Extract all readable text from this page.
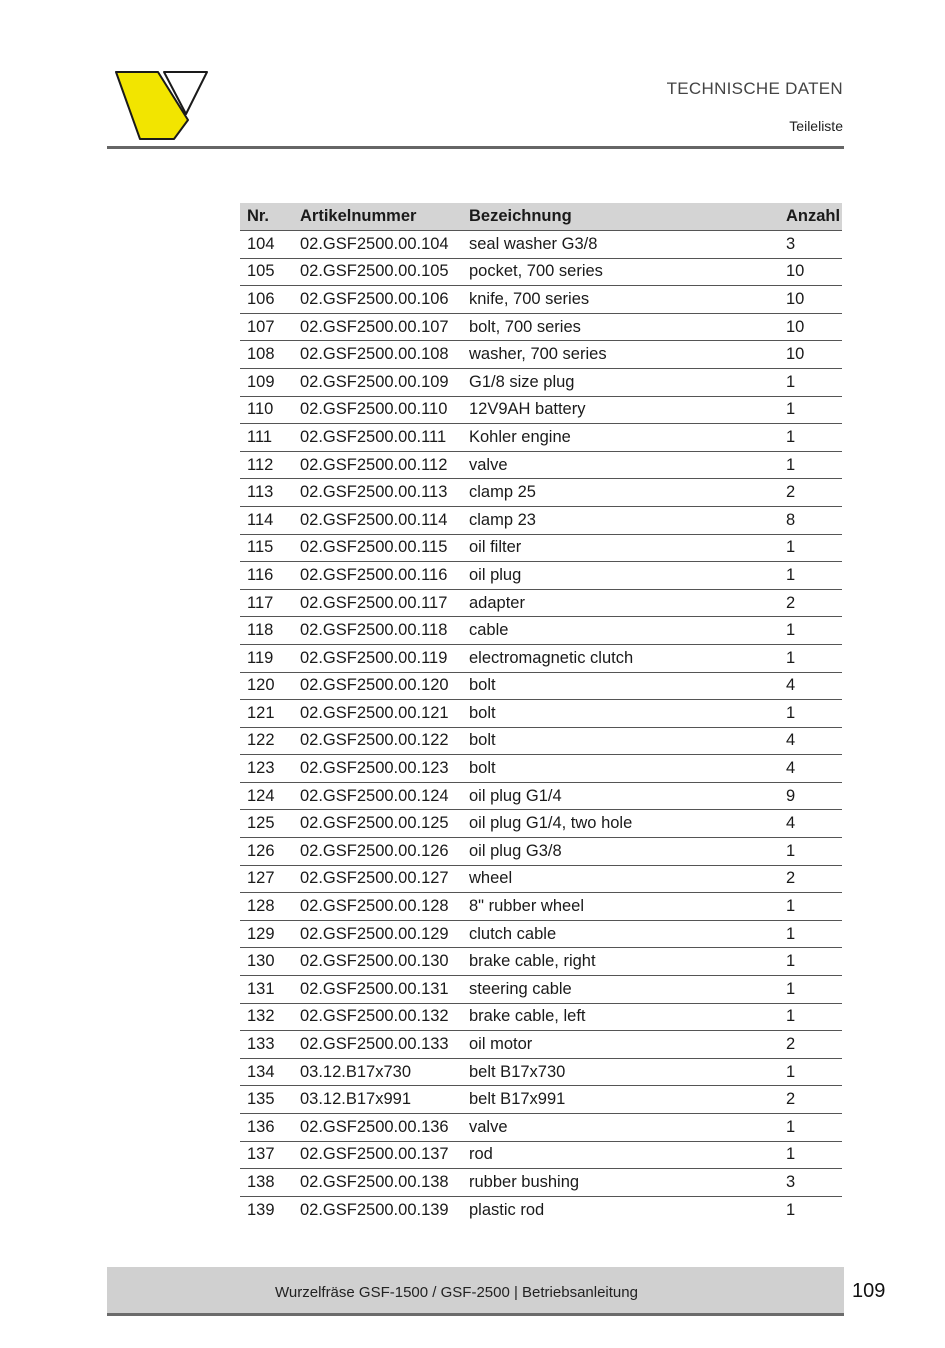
TECHNISCHE DATEN
Teileliste
Nr.	Artikelnummer	Bezeichnung	Anzahl
104	02.GSF2500.00.104	seal washer G3/8	3
105	02.GSF2500.00.105	pocket, 700 series	10
106	02.GSF2500.00.106	knife, 700 series	10
107	02.GSF2500.00.107	bolt, 700 series	10
108	02.GSF2500.00.108	washer, 700 series	10
109	02.GSF2500.00.109	G1/8 size plug	1
110	02.GSF2500.00.110	12V9AH battery	1
111	02.GSF2500.00.111	Kohler engine	1
112	02.GSF2500.00.112	valve	1
113	02.GSF2500.00.113	clamp 25	2
114	02.GSF2500.00.114	clamp 23	8
115	02.GSF2500.00.115	oil filter	1
116	02.GSF2500.00.116	oil plug	1
117	02.GSF2500.00.117	adapter	2
118	02.GSF2500.00.118	cable	1
119	02.GSF2500.00.119	electromagnetic clutch	1
120	02.GSF2500.00.120	bolt	4
121	02.GSF2500.00.121	bolt	1
122	02.GSF2500.00.122	bolt	4
123	02.GSF2500.00.123	bolt	4
124	02.GSF2500.00.124	oil plug G1/4	9
125	02.GSF2500.00.125	oil plug G1/4, two hole	4
126	02.GSF2500.00.126	oil plug G3/8	1
127	02.GSF2500.00.127	wheel	2
128	02.GSF2500.00.128	8" rubber wheel	1
129	02.GSF2500.00.129	clutch cable	1
130	02.GSF2500.00.130	brake cable, right	1
131	02.GSF2500.00.131	steering cable	1
132	02.GSF2500.00.132	brake cable, left	1
133	02.GSF2500.00.133	oil motor	2
134	03.12.B17x730	belt B17x730	1
135	03.12.B17x991	belt B17x991	2
136	02.GSF2500.00.136	valve	1
137	02.GSF2500.00.137	rod	1
138	02.GSF2500.00.138	rubber bushing	3
139	02.GSF2500.00.139	plastic rod	1
Wurzelfräse GSF-1500 / GSF-2500 | Betriebsanleitung	109
